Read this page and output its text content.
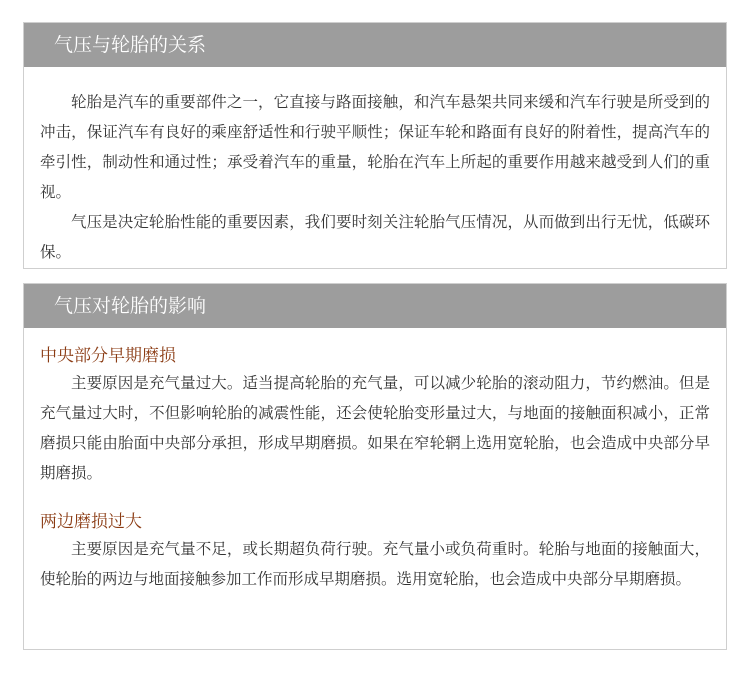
气压与轮胎的关系

轮胎是汽车的重要部件之一，它直接与路面接触，和汽车悬架共同来缓和汽车行驶是所受到的冲击，保证汽车有良好的乘座舒适性和行驶平顺性；保证车轮和路面有良好的附着性，提高汽车的牵引性，制动性和通过性；承受着汽车的重量，轮胎在汽车上所起的重要作用越来越受到人们的重视。

气压是决定轮胎性能的重要因素，我们要时刻关注轮胎气压情况，从而做到出行无忧，低碳环保。

气压对轮胎的影响
中央部分早期磨损

主要原因是充气量过大。适当提高轮胎的充气量，可以减少轮胎的滚动阻力，节约燃油。但是充气量过大时，不但影响轮胎的减震性能，还会使轮胎变形量过大，与地面的接触面积减小，正常磨损只能由胎面中央部分承担，形成早期磨损。如果在窄轮辋上选用宽轮胎，也会造成中央部分早期磨损。

两边磨损过大

主要原因是充气量不足，或长期超负荷行驶。充气量小或负荷重时。轮胎与地面的接触面大，使轮胎的两边与地面接触参加工作而形成早期磨损。选用宽轮胎，也会造成中央部分早期磨损。
